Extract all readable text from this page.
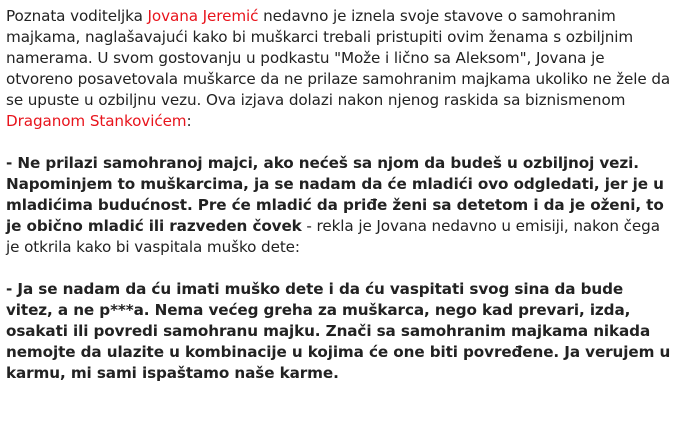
Poznata voditeljka Jovana Jeremić nedavno je iznela svoje stavove o samohranim majkama, naglašavajući kako bi muškarci trebali pristupiti ovim ženama s ozbiljnim namerama. U svom gostovanju u podkastu "Može i lično sa Aleksom", Jovana je otvoreno posavetovala muškarce da ne prilaze samohranim majkama ukoliko ne žele da se upuste u ozbiljnu vezu. Ova izjava dolazi nakon njenog raskida sa biznismenom Draganom Stankovićem:

- Ne prilazi samohranoj majci, ako nećeš sa njom da budeš u ozbiljnoj vezi. Napominjem to muškarcima, ja se nadam da će mladići ovo odgledati, jer je u mladićima budućnost. Pre će mladić da priđe ženi sa detetom i da je oženi, to je obično mladić ili razveden čovek - rekla je Jovana nedavno u emisiji, nakon čega je otkrila kako bi vaspitala muško dete:

- Ja se nadam da ću imati muško dete i da ću vaspitati svog sina da bude vitez, a ne p***a. Nema većeg greha za muškarca, nego kad prevari, izda, osakati ili povredi samohranu majku. Znači sa samohranim majkama nikada nemojte da ulazite u kombinacije u kojima će one biti povređene. Ja verujem u karmu, mi sami ispaštamo naše karme.
